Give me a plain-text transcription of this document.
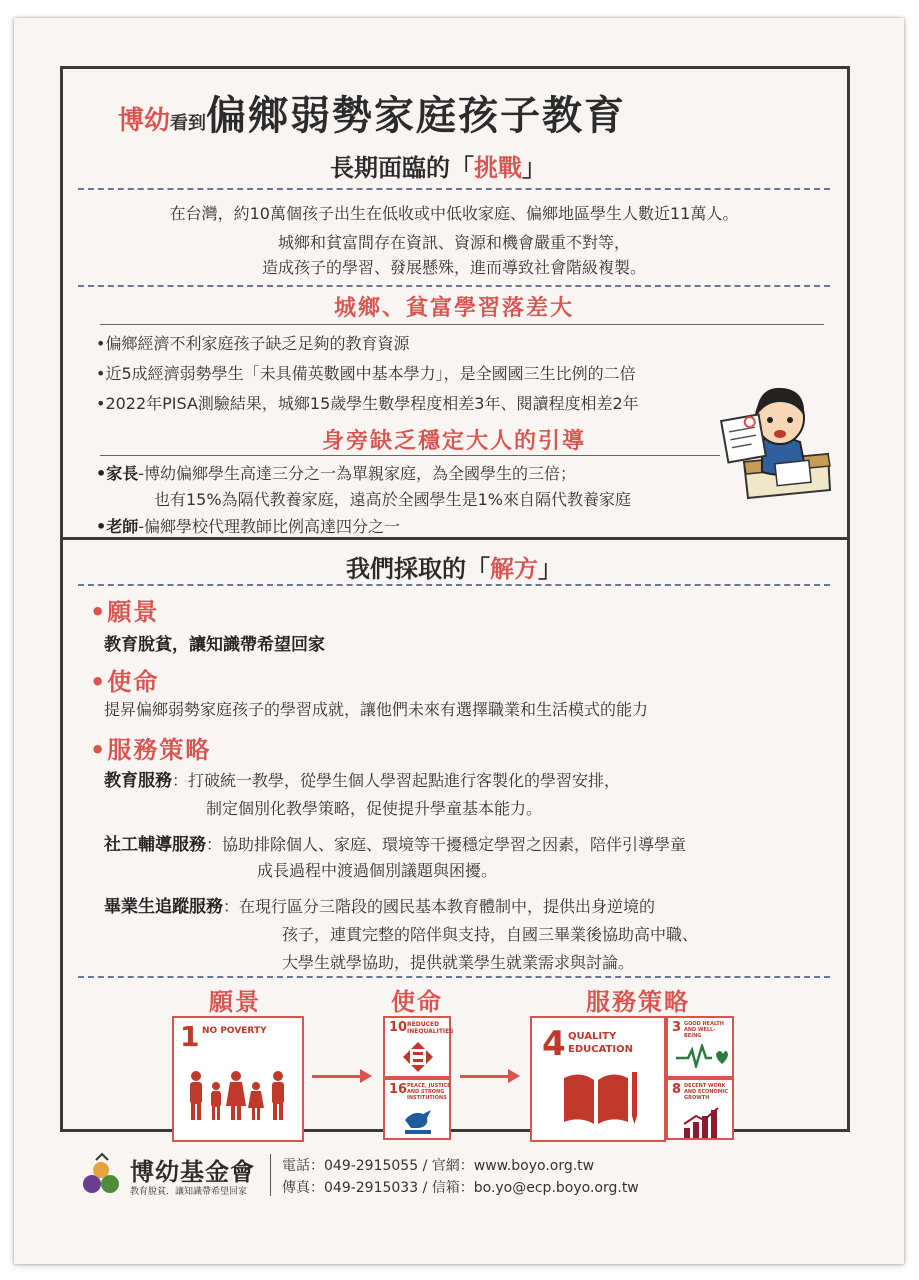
博幼看到偏鄉弱勢家庭孩子教育
長期面臨的「挑戰」
在台灣，約10萬個孩子出生在低收或中低收家庭、偏鄉地區學生人數近11萬人。
城鄉和貧富間存在資訊、資源和機會嚴重不對等，
造成孩子的學習、發展懸殊，進而導致社會階級複製。
城鄉、貧富學習落差大
•偏鄉經濟不利家庭孩子缺乏足夠的教育資源
•近5成經濟弱勢學生「未具備英數國中基本學力」，是全國國三生比例的二倍
•2022年PISA測驗結果，城鄉15歲學生數學程度相差3年、閱讀程度相差2年
身旁缺乏穩定大人的引導
•家長-博幼偏鄉學生高達三分之一為單親家庭，為全國學生的三倍；
也有15%為隔代教養家庭，遠高於全國學生是1%來自隔代教養家庭
•老師-偏鄉學校代理教師比例高達四分之一
我們採取的「解方」
•願景
教育脫貧，讓知識帶希望回家
•使命
提昇偏鄉弱勢家庭孩子的學習成就，讓他們未來有選擇職業和生活模式的能力
•服務策略
教育服務：打破統一教學，從學生個人學習起點進行客製化的學習安排，
制定個別化教學策略，促使提升學童基本能力。
社工輔導服務：協助排除個人、家庭、環境等干擾穩定學習之因素，陪伴引導學童
成長過程中渡過個別議題與困擾。
畢業生追蹤服務：在現行區分三階段的國民基本教育體制中，提供出身逆境的
孩子，連貫完整的陪伴與支持，自國三畢業後協助高中職、
大學生就學協助，提供就業學生就業需求與討論。
願景	使命	服務策略
1 NO POVERTY	10 REDUCED INEQUALITIES
16 PEACE, JUSTICE AND STRONG INSTITUTIONS
4 QUALITY EDUCATION
3 GOOD HEALTH AND WELL-BEING
8 DECENT WORK AND ECONOMIC GROWTH
博幼基金會
教育脫貧．讓知識帶希望回家
電話：049-2915055 / 官網：www.boyo.org.tw
傳真：049-2915033 / 信箱：bo.yo@ecp.boyo.org.tw
